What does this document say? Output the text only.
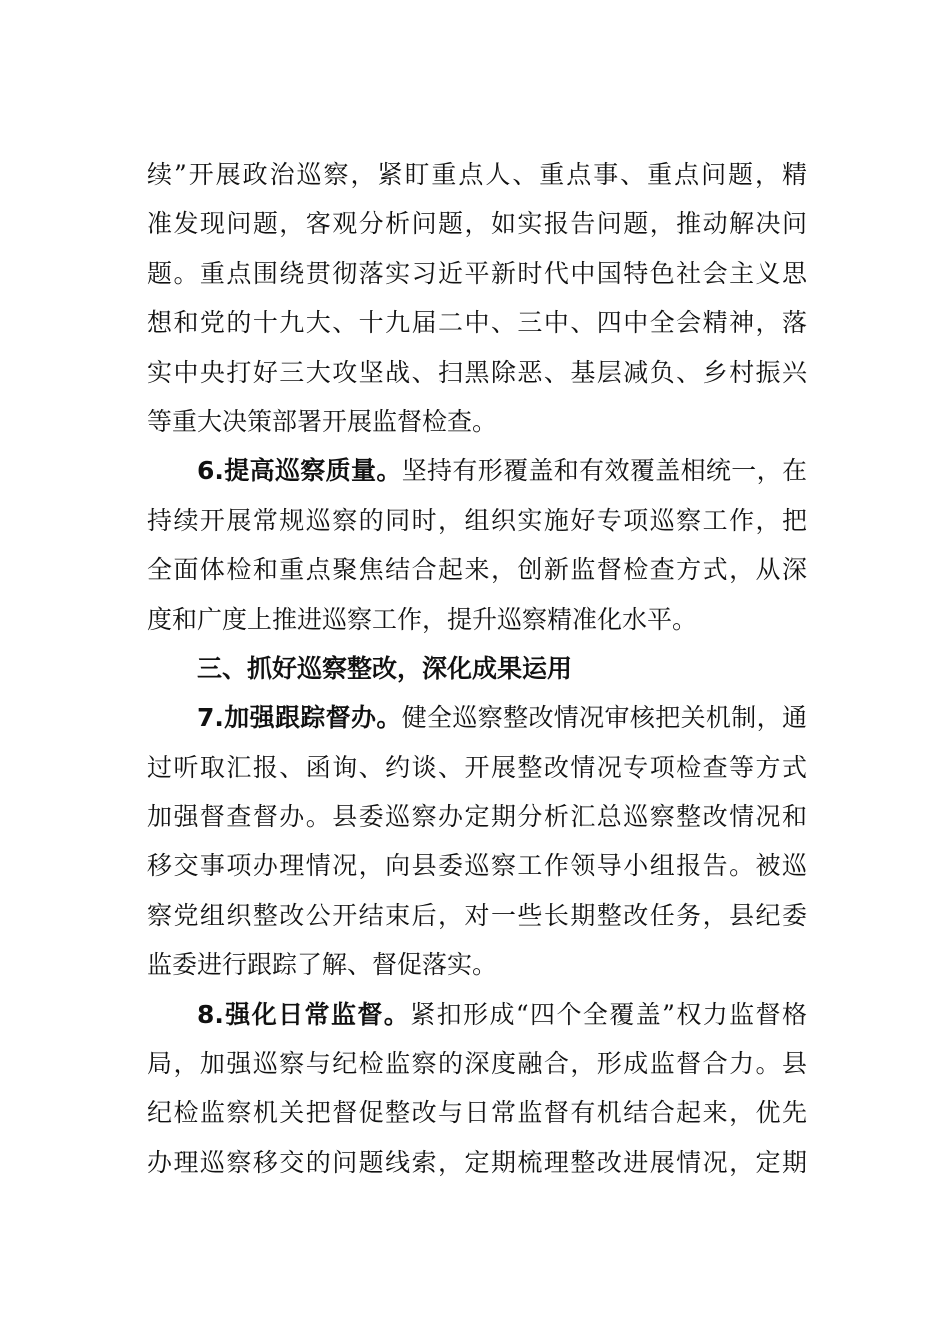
续”开展政治巡察，紧盯重点人、重点事、重点问题，精
准发现问题，客观分析问题，如实报告问题，推动解决问
题。重点围绕贯彻落实习近平新时代中国特色社会主义思
想和党的十九大、十九届二中、三中、四中全会精神，落
实中央打好三大攻坚战、扫黑除恶、基层减负、乡村振兴
等重大决策部署开展监督检查。
6.提高巡察质量。坚持有形覆盖和有效覆盖相统一，在
持续开展常规巡察的同时，组织实施好专项巡察工作，把
全面体检和重点聚焦结合起来，创新监督检查方式，从深
度和广度上推进巡察工作，提升巡察精准化水平。
三、抓好巡察整改，深化成果运用
7.加强跟踪督办。健全巡察整改情况审核把关机制，通
过听取汇报、函询、约谈、开展整改情况专项检查等方式
加强督查督办。县委巡察办定期分析汇总巡察整改情况和
移交事项办理情况，向县委巡察工作领导小组报告。被巡
察党组织整改公开结束后，对一些长期整改任务，县纪委
监委进行跟踪了解、督促落实。
8.强化日常监督。紧扣形成“四个全覆盖”权力监督格
局，加强巡察与纪检监察的深度融合，形成监督合力。县
纪检监察机关把督促整改与日常监督有机结合起来，优先
办理巡察移交的问题线索，定期梳理整改进展情况，定期
